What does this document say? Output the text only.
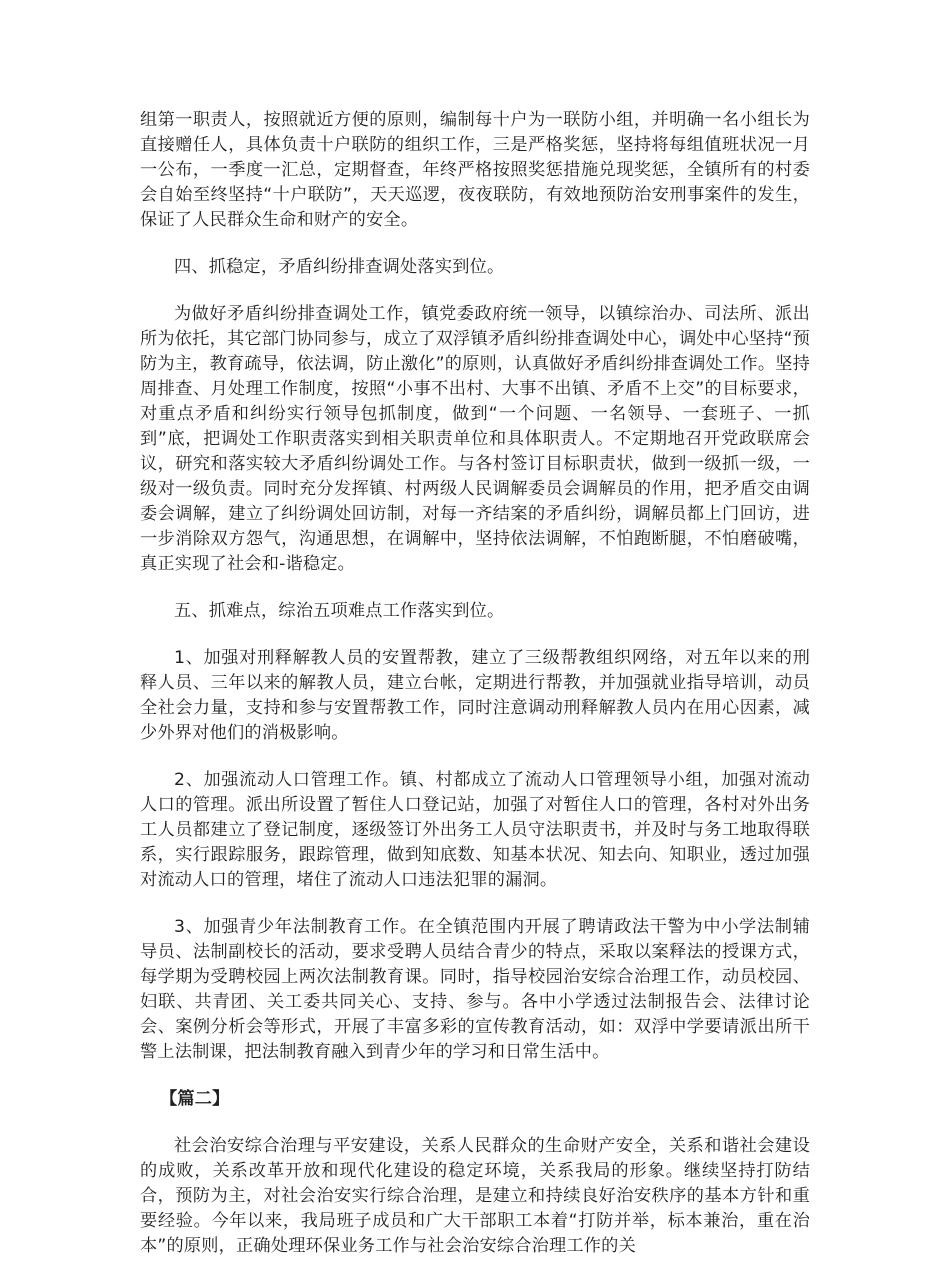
组第一职责人，按照就近方便的原则，编制每十户为一联防小组，并明确一名小组长为直接赠任人，具体负责十户联防的组织工作，三是严格奖惩，坚持将每组值班状况一月一公布，一季度一汇总，定期督查，年终严格按照奖惩措施兑现奖惩，全镇所有的村委会自始至终坚持“十户联防”，天天巡逻，夜夜联防，有效地预防治安刑事案件的发生，保证了人民群众生命和财产的安全。

四、抓稳定，矛盾纠纷排查调处落实到位。

为做好矛盾纠纷排查调处工作，镇党委政府统一领导，以镇综治办、司法所、派出所为依托，其它部门协同参与，成立了双浮镇矛盾纠纷排查调处中心，调处中心坚持“预防为主，教育疏导，依法调，防止激化”的原则，认真做好矛盾纠纷排查调处工作。坚持周排查、月处理工作制度，按照“小事不出村、大事不出镇、矛盾不上交”的目标要求，对重点矛盾和纠纷实行领导包抓制度，做到“一个问题、一名领导、一套班子、一抓到”底，把调处工作职责落实到相关职责单位和具体职责人。不定期地召开党政联席会议，研究和落实较大矛盾纠纷调处工作。与各村签订目标职责状，做到一级抓一级，一级对一级负责。同时充分发挥镇、村两级人民调解委员会调解员的作用，把矛盾交由调委会调解，建立了纠纷调处回访制，对每一齐结案的矛盾纠纷，调解员都上门回访，进一步消除双方怨气，沟通思想，在调解中，坚持依法调解，不怕跑断腿，不怕磨破嘴，真正实现了社会和-谐稳定。

五、抓难点，综治五项难点工作落实到位。

1、加强对刑释解教人员的安置帮教，建立了三级帮教组织网络，对五年以来的刑释人员、三年以来的解教人员，建立台帐，定期进行帮教，并加强就业指导培训，动员全社会力量，支持和参与安置帮教工作，同时注意调动刑释解教人员内在用心因素，减少外界对他们的消极影响。

2、加强流动人口管理工作。镇、村都成立了流动人口管理领导小组，加强对流动人口的管理。派出所设置了暂住人口登记站，加强了对暂住人口的管理，各村对外出务工人员都建立了登记制度，逐级签订外出务工人员守法职责书，并及时与务工地取得联系，实行跟踪服务，跟踪管理，做到知底数、知基本状况、知去向、知职业，透过加强对流动人口的管理，堵住了流动人口违法犯罪的漏洞。

3、加强青少年法制教育工作。在全镇范围内开展了聘请政法干警为中小学法制辅导员、法制副校长的活动，要求受聘人员结合青少的特点，采取以案释法的授课方式，每学期为受聘校园上两次法制教育课。同时，指导校园治安综合治理工作，动员校园、妇联、共青团、关工委共同关心、支持、参与。各中小学透过法制报告会、法律讨论会、案例分析会等形式，开展了丰富多彩的宣传教育活动，如：双浮中学要请派出所干警上法制课，把法制教育融入到青少年的学习和日常生活中。

【篇二】

社会治安综合治理与平安建设，关系人民群众的生命财产安全，关系和谐社会建设的成败，关系改革开放和现代化建设的稳定环境，关系我局的形象。继续坚持打防结合，预防为主，对社会治安实行综合治理，是建立和持续良好治安秩序的基本方针和重要经验。今年以来，我局班子成员和广大干部职工本着“打防并举，标本兼治，重在治本”的原则，正确处理环保业务工作与社会治安综合治理工作的关
